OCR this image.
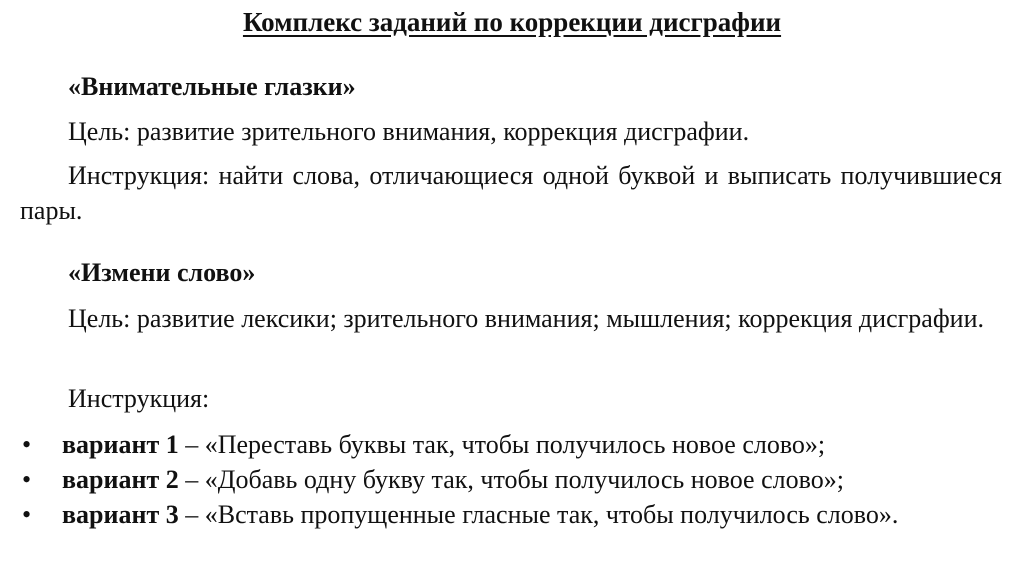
Комплекс заданий по коррекции дисграфии

«Внимательные глазки»

Цель: развитие зрительного внимания, коррекция дисграфии.

Инструкция: найти слова, отличающиеся одной буквой и выписать получившиеся пары.

«Измени слово»

Цель: развитие лексики; зрительного внимания; мышления; коррекция дисграфии.

Инструкция:

•	вариант 1 – «Переставь буквы так, чтобы получилось новое слово»;
•	вариант 2 – «Добавь одну букву так, чтобы получилось новое слово»;
•	вариант 3 – «Вставь пропущенные гласные так, чтобы получилось слово».
